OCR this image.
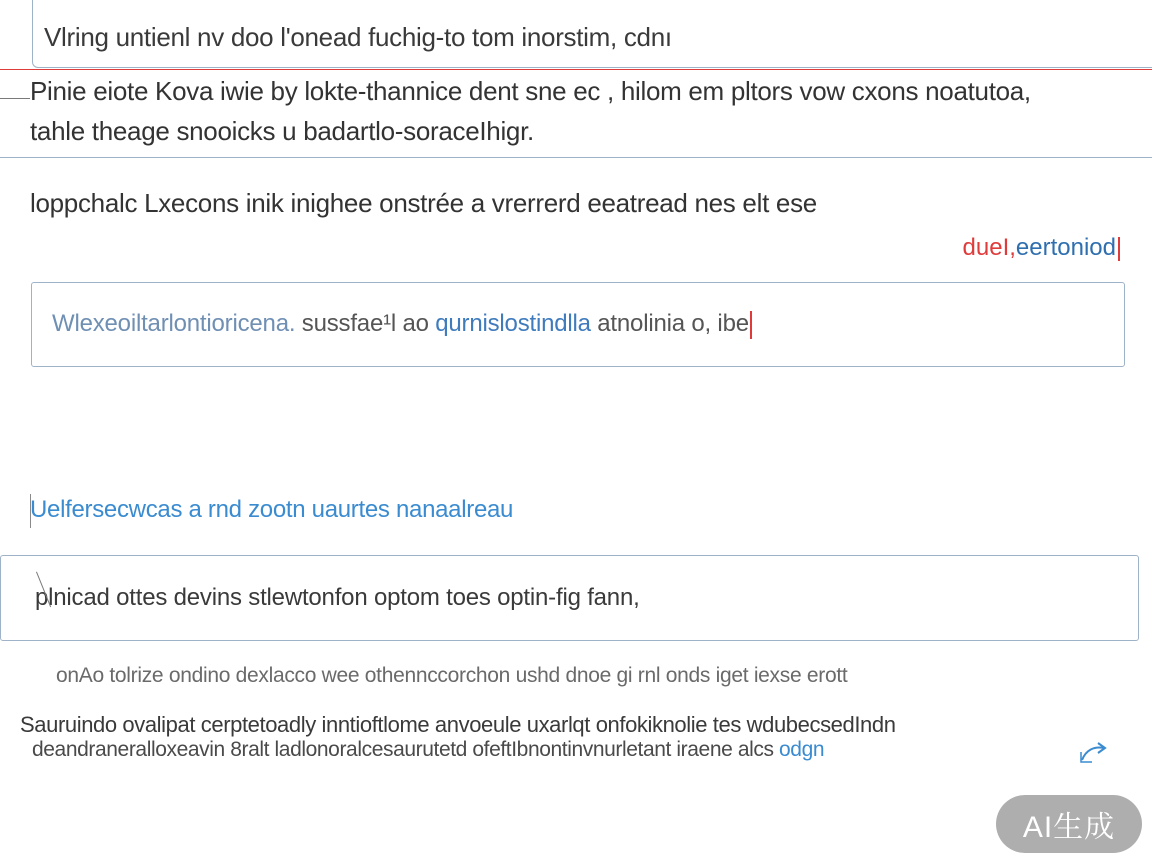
Vlring untienl nv doo l'onead fuchig-to tom inorstim, cdnı
Pinie eiote Kova iwie by lokte-thannice dent sne ec , hilom em pltors vow cxons noatutoa,
tahle theage snooicks u badartlo-soraceIhigr.
loppchalc Lxecons inik inighee onstrée a vrerrerd eeatread nes elt ese
dueI,eertoniod
Wlexeoiltarlontioricena. sussfae¹l ao qurnislostindlla atnolinia o, ibe
Uelfersecwcas a rnd zootn uaurtes nanaalreau
plnicad ottes devins stlewtonfon optom toes optin-fig fann,
onAo tolrize ondino dexlacco wee othennccorchon ushd dnoe gi rnl onds iget iexse erott
Sauruindo ovalipat cerptetoadly inntioftlome anvoeule uxarlqt onfokiknolie tes wdubecsedIndn
deandraneralloxeavin 8ralt ladlonoralcesaurutetd ofeftIbnontinvnurletant iraene alcs odgn
AI生成
